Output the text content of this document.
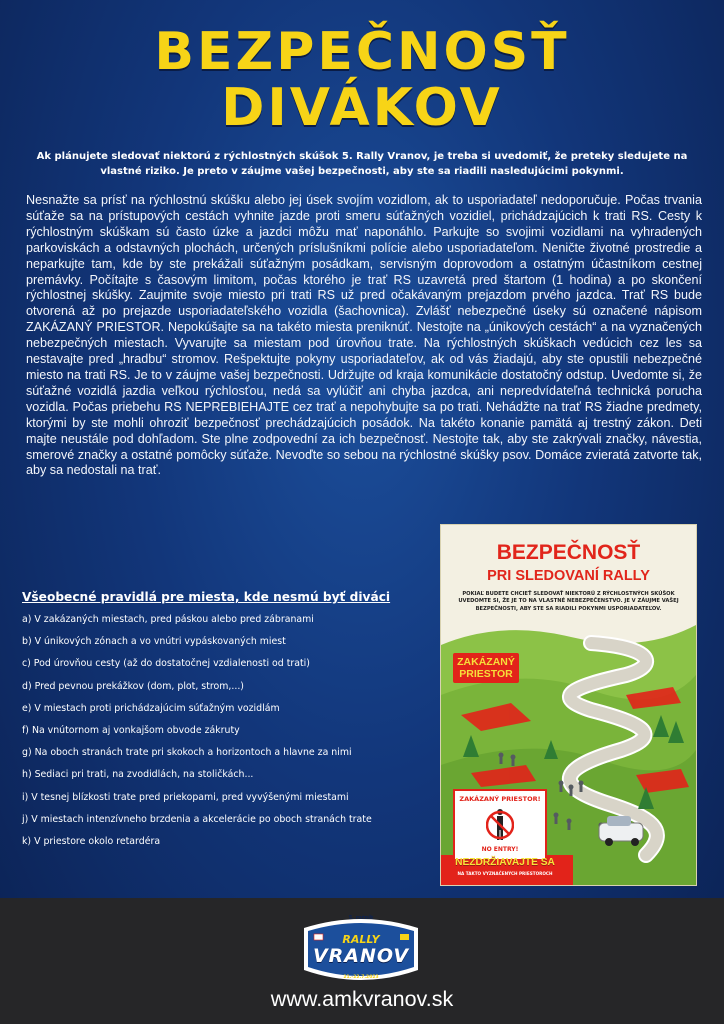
BEZPEČNOSŤ
DIVÁKOV
Ak plánujete sledovať niektorú z rýchlostných skúšok 5. Rally Vranov, je treba si uvedomiť, že preteky sledujete na vlastné riziko. Je preto v záujme vašej bezpečnosti, aby ste sa riadili nasledujúcimi pokynmi.
Nesnažte sa prísť na rýchlostnú skúšku alebo jej úsek svojím vozidlom, ak to usporiadateľ nedoporučuje. Počas trvania súťaže sa na prístupových cestách vyhnite jazde proti smeru súťažných vozidiel, prichádzajúcich k trati RS. Cesty k rýchlostným skúškam sú často úzke a jazdci môžu mať naponáhlo. Parkujte so svojimi vozidlami na vyhradených parkoviskách a odstavných plochách, určených príslušníkmi polície alebo usporiadateľom. Neničte životné prostredie a neparkujte tam, kde by ste prekážali súťažným posádkam, servisným doprovodom a ostatným účastníkom cestnej premávky. Počítajte s časovým limitom, počas ktorého je trať RS uzavretá pred štartom (1 hodina) a po skončení rýchlostnej skúšky. Zaujmite svoje miesto pri trati RS už pred očakávaným prejazdom prvého jazdca. Trať RS bude otvorená až po prejazde usporiadateľského vozidla (šachovnica). Zvlášť nebezpečné úseky sú označené nápisom ZAKÁZANÝ PRIESTOR. Nepokúšajte sa na takéto miesta preniknúť. Nestojte na „únikových cestách“ a na vyznačených nebezpečných miestach. Vyvarujte sa miestam pod úrovňou trate. Na rýchlostných skúškach vedúcich cez les sa nestavajte pred „hradbu“ stromov. Rešpektujte pokyny usporiadateľov, ak od vás žiadajú, aby ste opustili nebezpečné miesto na trati RS. Je to v záujme vašej bezpečnosti. Udržujte od kraja komunikácie dostatočný odstup. Uvedomte si, že súťažné vozidlá jazdia veľkou rýchlosťou, nedá sa vylúčiť ani chyba jazdca, ani nepredvídateľná technická porucha vozidla. Počas priebehu RS NEPREBIEHAJTE cez trať a nepohybujte sa po trati. Nehádžte na trať RS žiadne predmety, ktorými by ste mohli ohroziť bezpečnosť prechádzajúcich posádok. Na takéto konanie pamätá aj trestný zákon. Deti majte neustále pod dohľadom. Ste plne zodpovední za ich bezpečnosť. Nestojte tak, aby ste zakrývali značky, návestia, smerové značky a ostatné pomôcky súťaže. Nevoďte so sebou na rýchlostné skúšky psov. Domáce zvieratá zatvorte tak, aby sa nedostali na trať.
Všeobecné pravidlá pre miesta, kde nesmú byť diváci
a) V zakázaných miestach, pred páskou alebo pred zábranami
b) V únikových zónach a vo vnútri vypáskovaných miest
c) Pod úrovňou cesty (až do dostatočnej vzdialenosti od trati)
d) Pred pevnou prekážkov (dom, plot, strom,...)
e) V miestach proti prichádzajúcim súťažným vozidlám
f) Na vnútornom aj vonkajšom obvode zákruty
g) Na oboch stranách trate pri skokoch a horizontoch a hlavne za nimi
h) Sediaci pri trati, na zvodidlách, na stoličkách...
i) V tesnej blízkosti trate pred priekopami, pred vyvýšenými miestami
j) V miestach intenzívneho brzdenia a akcelerácie po oboch stranách trate
k) V priestore okolo retardéra
BEZPEČNOSŤ
PRI SLEDOVANÍ RALLY
POKIAĽ BUDETE CHCIEŤ SLEDOVAŤ NIEKTORÚ Z RÝCHLOSTNÝCH SKÚŠOK UVEDOMTE SI, ŽE JE TO NA VLASTNÉ NEBEZPEČENSTVO. JE V ZÁUJME VAŠEJ BEZPEČNOSTI, ABY STE SA RIADILI POKYNMI USPORIADATEĽOV.
ZAKÁZANÝ PRIESTOR
ZAKÁZANÝ PRIESTOR!
NO ENTRY!
NEZDRŽIAVAJTE SA
NA TAKTO VYZNAČENÝCH PRIESTOROCH
5. ročník
RALLY
VRANOV
21.-22.7.2023
www.amkvranov.sk
